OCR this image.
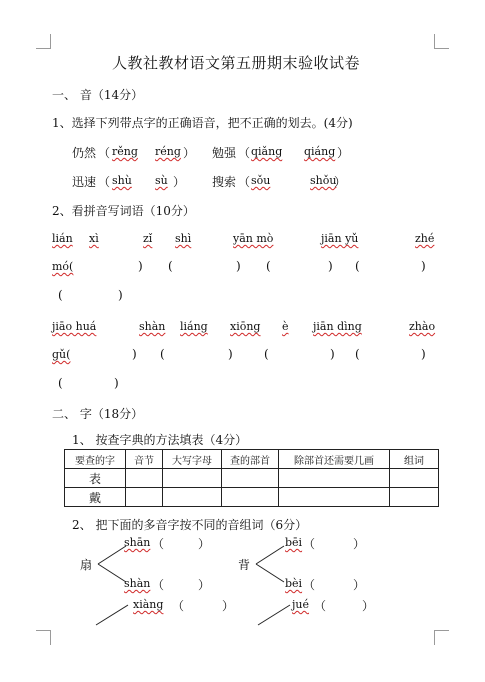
人教社教材语文第五册期末验收试卷
一、 音（14分）
1、选择下列带点字的正确语音，把不正确的划去。(4分)
仍然 （ rěng réng ） 勉强 （ qiǎng qiáng ）
迅速 （ shù sù ） 搜索 （ sǒu	shǒu
）
2、看拼音写词语（10分）
lián xì	zǐ shì	yān mò	jiān yǔ	zhé
mó(	) (	) (	) (	)
(	)
jiāo huá	shàn liáng xiōng è jiān dìng	zhào
gǔ(	) (	)	(	) (	)
(	)
二、 字（18分）
1、 按查字典的方法填表（4分）
要查的字	音节	大写字母	查的部首	除部首还需要几画	组词
表					
戴					
2、 把下面的多音字按不同的音组词（6分）
扇
shān （	）
shàn （	）
背
bēi （	）
bèi （	）
xiàng （	）	jué （	）
